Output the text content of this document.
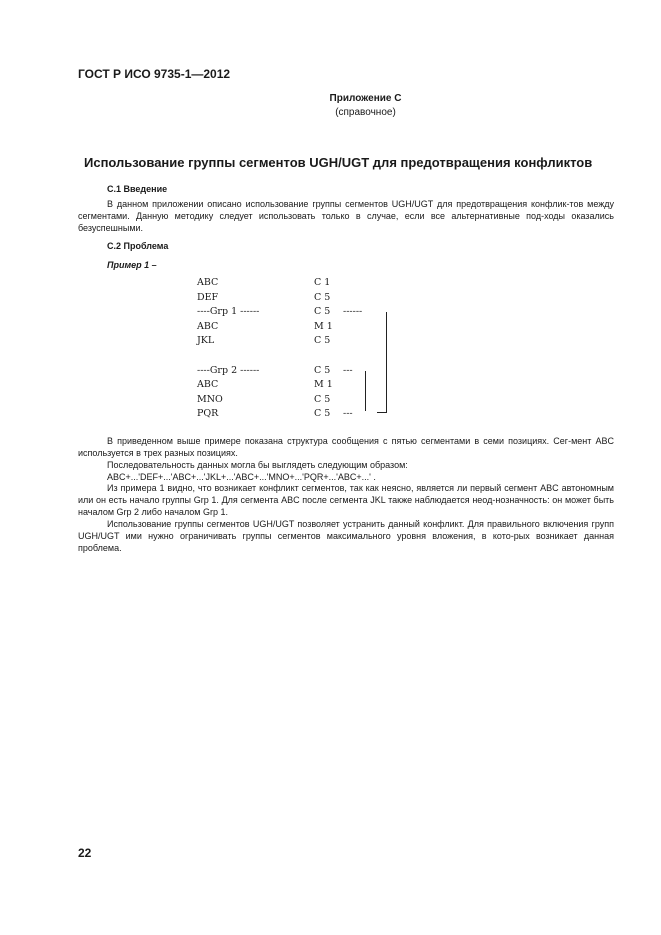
ГОСТ Р ИСО 9735-1—2012
Приложение С
(справочное)
Использование группы сегментов UGH/UGT для предотвращения конфликтов
С.1 Введение
В данном приложении описано использование группы сегментов UGH/UGT для предотвращения конфлик-тов между сегментами. Данную методику следует использовать только в случае, если все альтернативные под-ходы оказались безуспешными.
С.2 Проблема
Пример 1 –
ABC	C 1
DEF	C 5
----Grp 1 ------	C 5 ------
ABC	M 1
JKL	C 5
----Grp 2 ------	C 5 ---
ABC	M 1
MNO	C 5
PQR	C 5 ---
В приведенном выше примере показана структура сообщения с пятью сегментами в семи позициях. Сег-мент ABC используется в трех разных позициях.
Последовательность данных могла бы выглядеть следующим образом:
ABC+...'DEF+...'ABC+...'JKL+...'ABC+...'MNO+...'PQR+...'ABC+...' .
Из примера 1 видно, что возникает конфликт сегментов, так как неясно, является ли первый сегмент ABC автономным или он есть начало группы Grp 1. Для сегмента ABC после сегмента JKL также наблюдается неод-нозначность: он может быть началом Grp 2 либо началом Grp 1.
Использование группы сегментов UGH/UGT позволяет устранить данный конфликт. Для правильного включения групп UGH/UGT ими нужно ограничивать группы сегментов максимального уровня вложения, в кото-рых возникает данная проблема.
22
